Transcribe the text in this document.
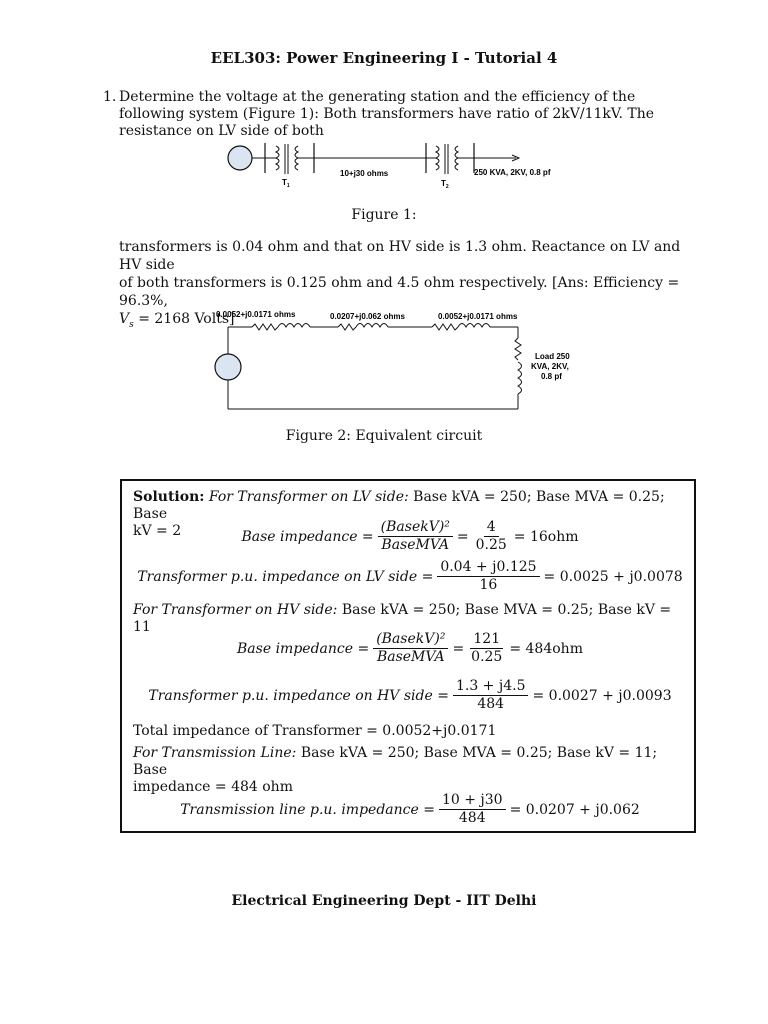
EEL303: Power Engineering I - Tutorial 4
1. Determine the voltage at the generating station and the efficiency of the following system (Figure 1): Both transformers have ratio of 2kV/11kV. The resistance on LV side of both
$T_1$
10+j30 ohms
$T_2$
250 KVA, 2KV, 0.8 pf
Figure 1:
transformers is 0.04 ohm and that on HV side is 1.3 ohm. Reactance on LV and HV side
of both transformers is 0.125 ohm and 4.5 ohm respectively. [Ans: Efficiency = 96.3%,
$V_s = 2168$ Volts]
0.0052+j0.0171 ohms	0.0207+j0.062 ohms	0.0052+j0.0171 ohms
Load 250
KVA, 2KV,
0.8 pf
Figure 2: Equivalent circuit
Solution: For Transformer on LV side: Base kVA = 250; Base MVA = 0.25; Base
kV = 2	Base impedance = $\frac{\text{(BasekV)²}}{\text{BaseMVA}} = \frac{4}{0.25} = 16ohm$
Transformer p.u. impedance on LV side = $\frac{0.04 + j0.125}{16} = 0.0025 + j0.0078$
For Transformer on HV side: Base kVA = 250; Base MVA = 0.25; Base kV = 11
Base impedance = $\frac{\text{(BasekV)²}}{\text{BaseMVA}} = \frac{121}{0.25} = 484ohm$
Transformer p.u. impedance on HV side = $\frac{1.3 + j4.5}{484} = 0.0027 + j0.0093$
Total impedance of Transformer = 0.0052+j0.0171
For Transmission Line: Base kVA = 250; Base MVA = 0.25; Base kV = 11; Base
impedance = 484 ohm
Transmission line p.u. impedance = $\frac{10 + j30}{484} = 0.0207 + j0.062$
Electrical Engineering Dept - IIT Delhi
